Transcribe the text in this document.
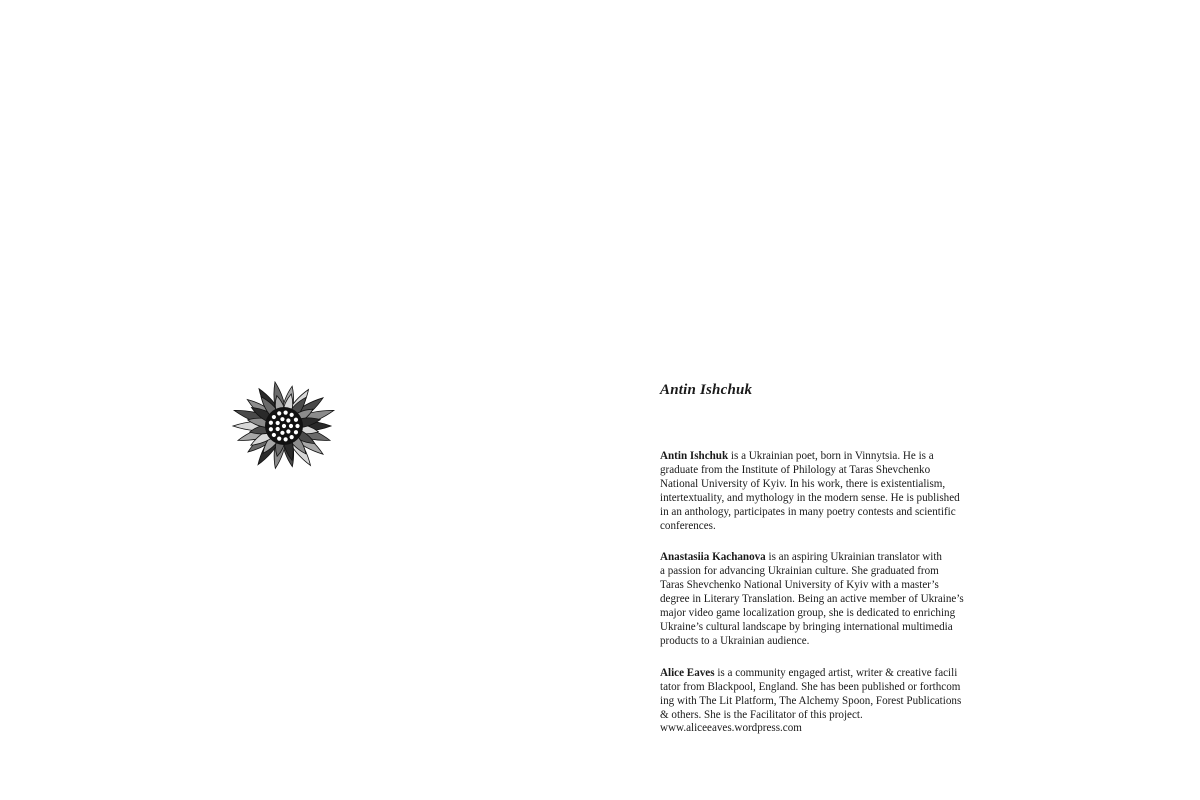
Antin Ishchuk

Antin Ishchuk is a Ukrainian poet, born in Vinnytsia. He is a
graduate from the Institute of Philology at Taras Shevchenko
National University of Kyiv. In his work, there is existentialism,
intertextuality, and mythology in the modern sense. He is published
in an anthology, participates in many poetry contests and scientific
conferences.

Anastasiia Kachanova is an aspiring Ukrainian translator with
a passion for advancing Ukrainian culture. She graduated from
Taras Shevchenko National University of Kyiv with a master’s
degree in Literary Translation. Being an active member of Ukraine’s
major video game localization group, she is dedicated to enriching
Ukraine’s cultural landscape by bringing international multimedia
products to a Ukrainian audience.

Alice Eaves is a community engaged artist, writer & creative facili
tator from Blackpool, England. She has been published or forthcom
ing with The Lit Platform, The Alchemy Spoon, Forest Publications
& others. She is the Facilitator of this project.
www.aliceeaves.wordpress.com
